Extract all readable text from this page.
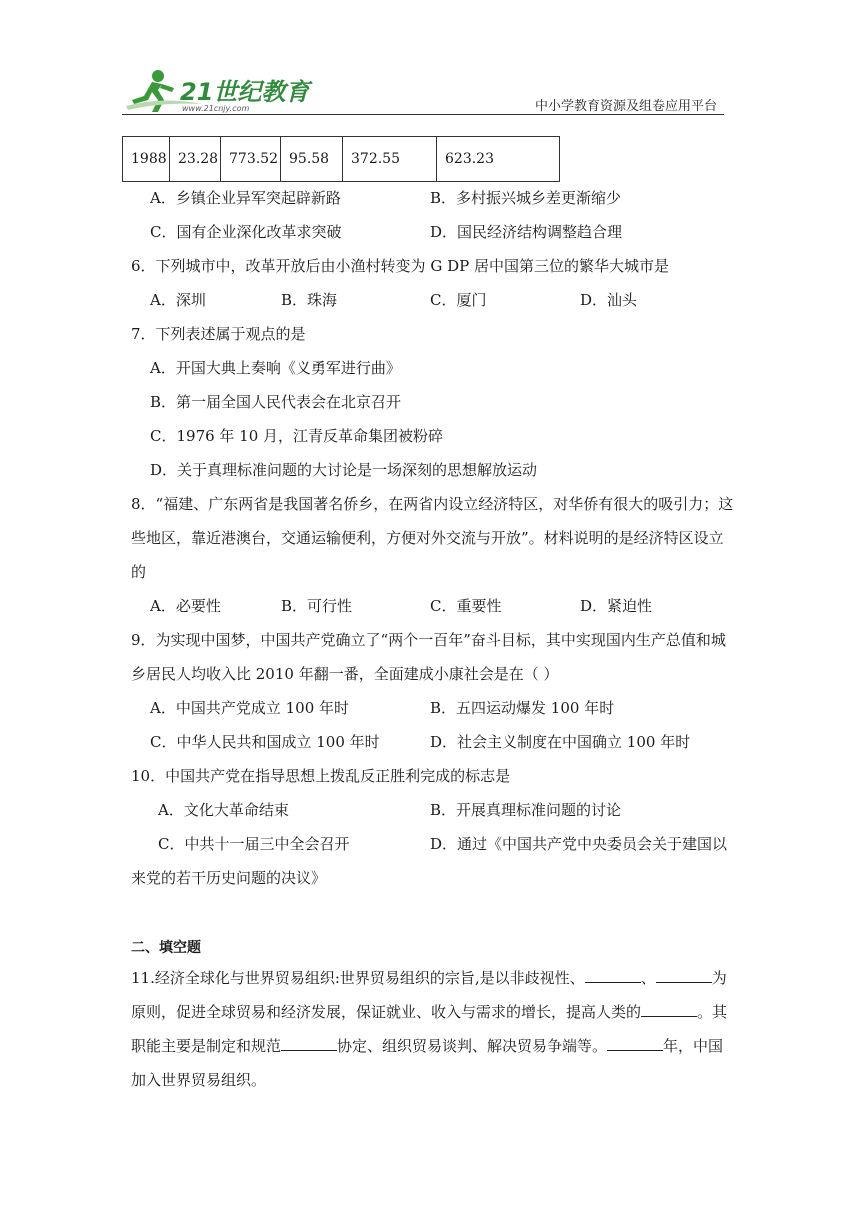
21世纪教育
www.21cnjy.com	中小学教育资源及组卷应用平台
1988	23.28	773.52	95.58	372.55	623.23
A．乡镇企业异军突起辟新路	B．多村振兴城乡差更渐缩少
C．国有企业深化改革求突破	D．国民经济结构调整趋合理
6．下列城市中，改革开放后由小渔村转变为 G DP 居中国第三位的繁华大城市是
A．深圳	B．珠海	C．厦门	D．汕头
7．下列表述属于观点的是
A．开国大典上奏响《义勇军进行曲》
B．第一届全国人民代表会在北京召开
C．1976 年 10 月，江青反革命集团被粉碎
D．关于真理标准问题的大讨论是一场深刻的思想解放运动
8．“福建、广东两省是我国著名侨乡，在两省内设立经济特区，对华侨有很大的吸引力；这
些地区，靠近港澳台，交通运输便利，方便对外交流与开放”。材料说明的是经济特区设立
的
A．必要性	B．可行性	C．重要性	D．紧迫性
9．为实现中国梦，中国共产党确立了“两个一百年”奋斗目标，其中实现国内生产总值和城
乡居民人均收入比 2010 年翻一番，全面建成小康社会是在（ ）
A．中国共产党成立 100 年时	B．五四运动爆发 100 年时
C．中华人民共和国成立 100 年时	D．社会主义制度在中国确立 100 年时
10．中国共产党在指导思想上拨乱反正胜利完成的标志是
A．文化大革命结束	B．开展真理标准问题的讨论
C．中共十一届三中全会召开	D．通过《中国共产党中央委员会关于建国以
来党的若干历史问题的决议》
二、填空题
11.经济全球化与世界贸易组织:世界贸易组织的宗旨,是以非歧视性、	、	为
原则，促进全球贸易和经济发展，保证就业、收入与需求的增长，提高人类的	。其
职能主要是制定和规范	协定、组织贸易谈判、解决贸易争端等。	年，中国
加入世界贸易组织。
